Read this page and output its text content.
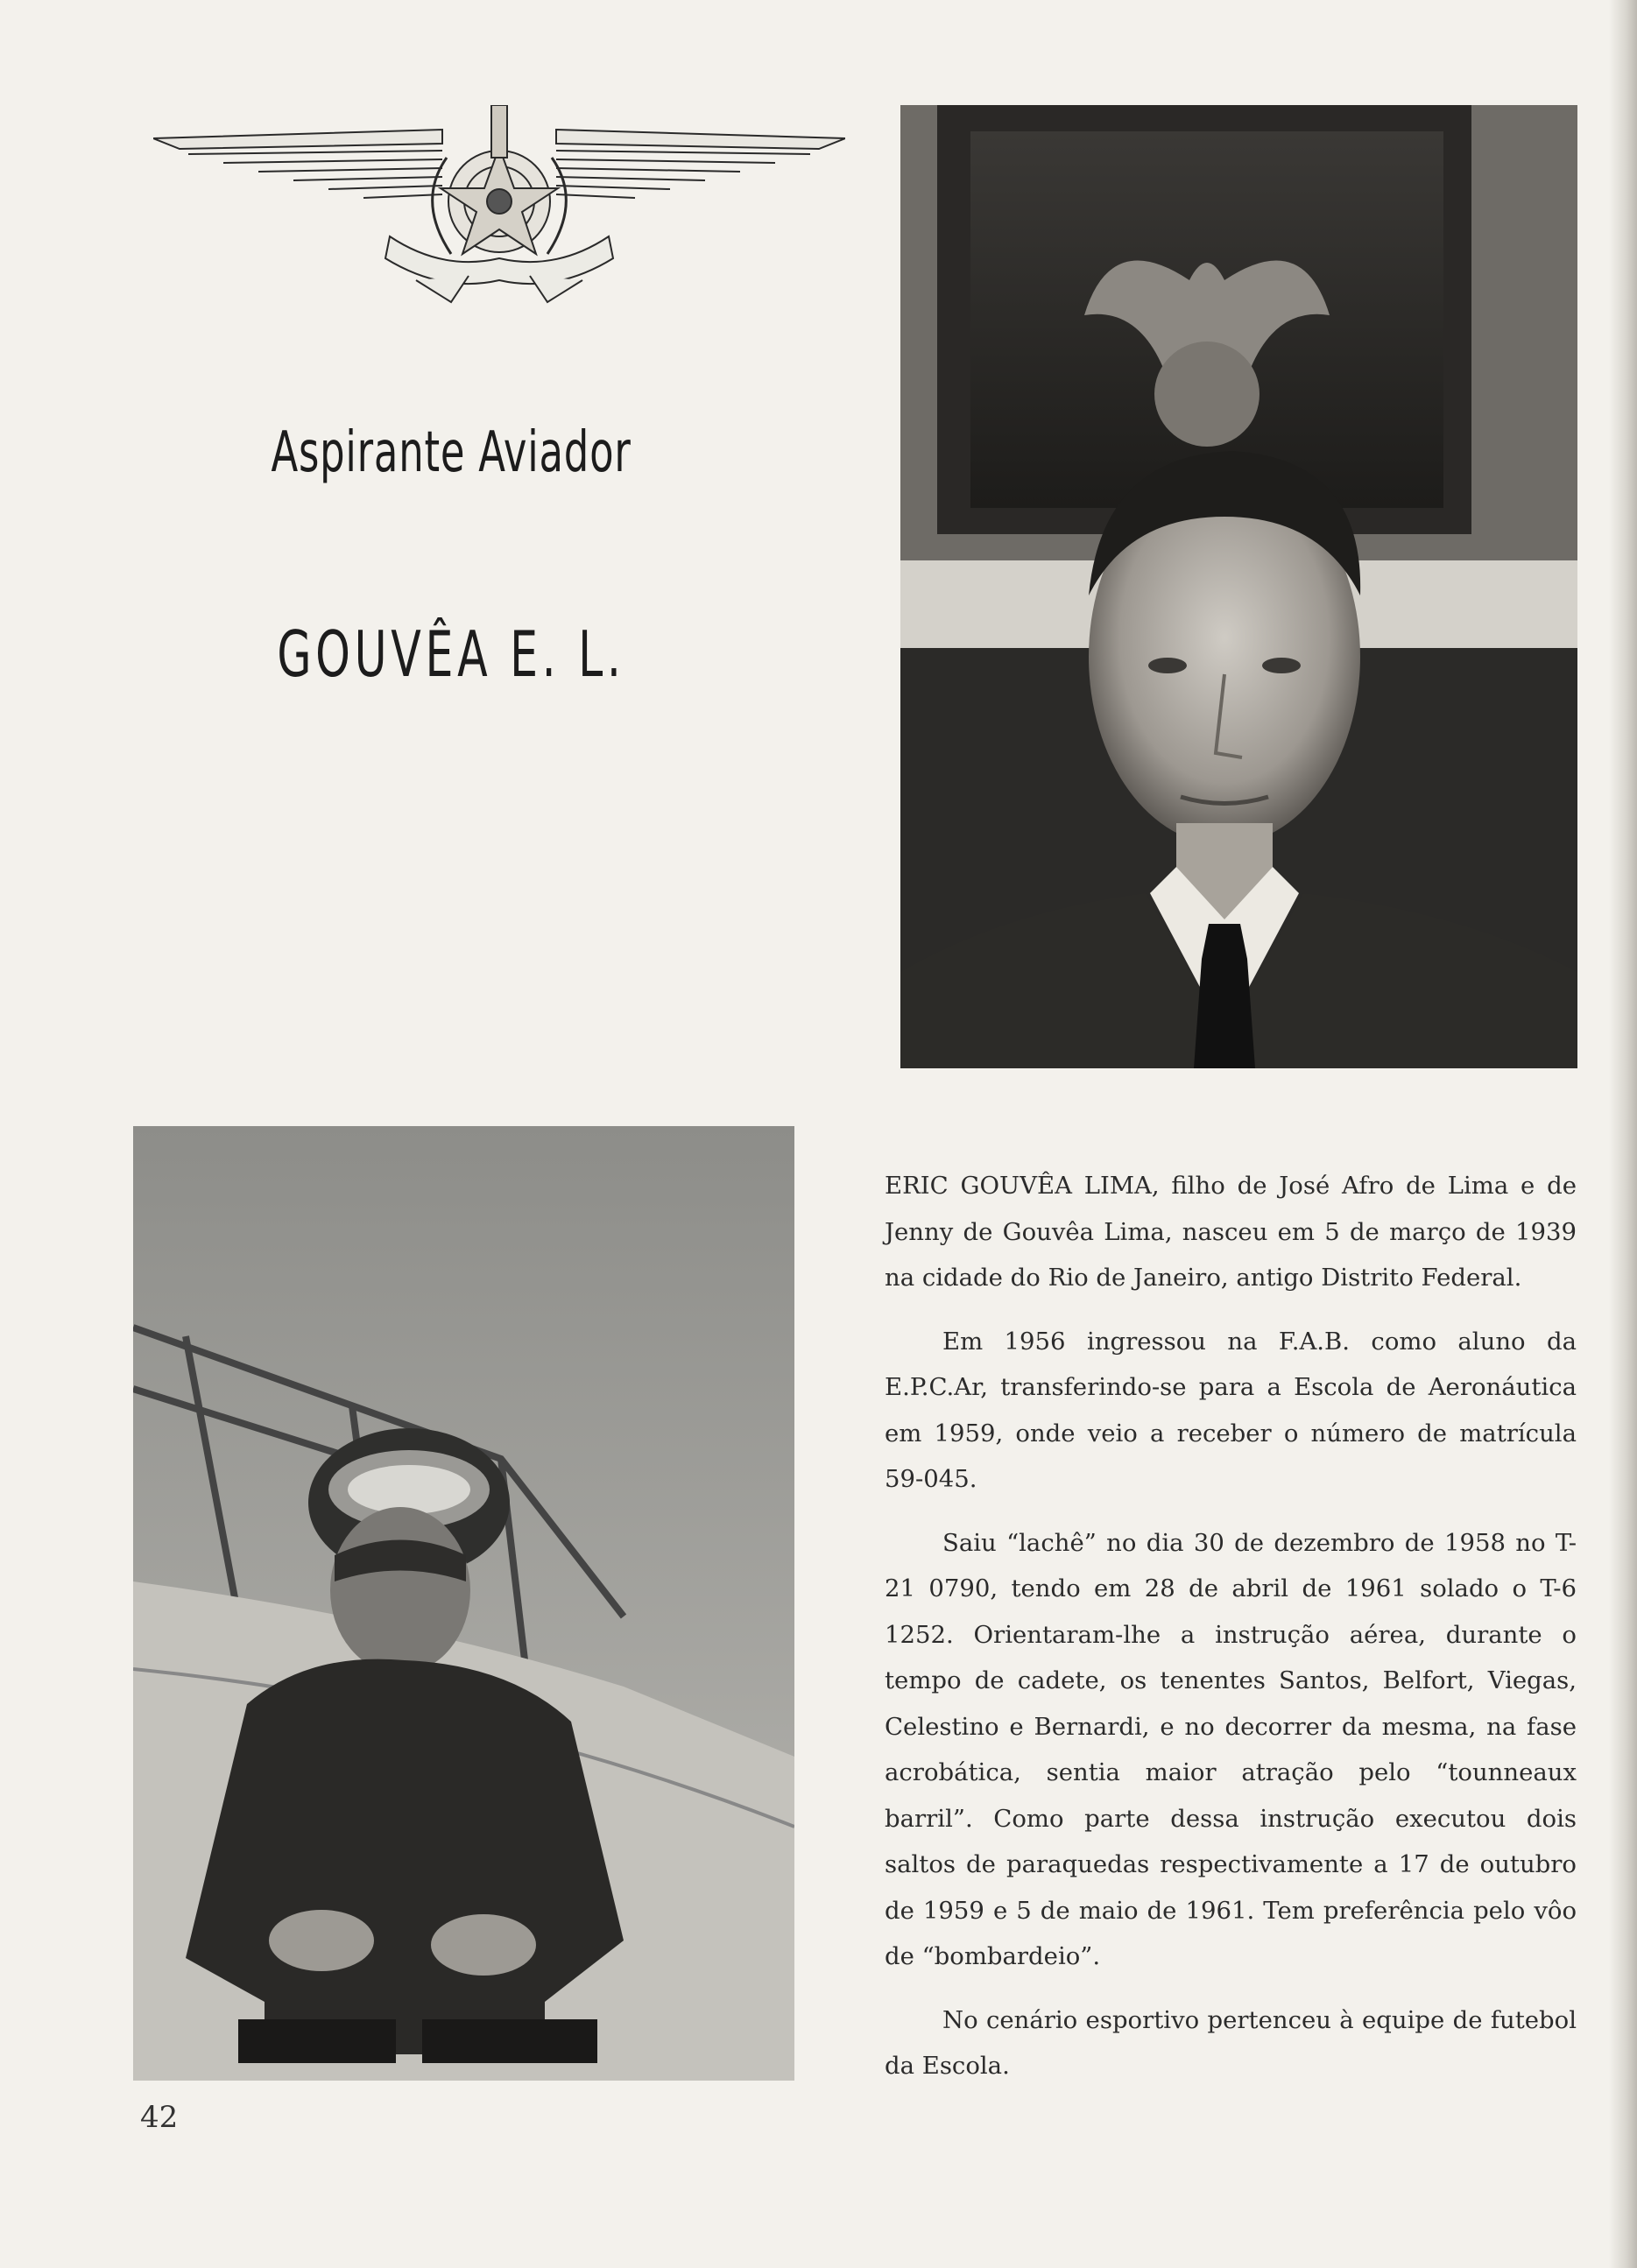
Aspirante Aviador
GOUVÊA E. L.

ERIC GOUVÊA LIMA, filho de José Afro de Lima e de Jenny de Gouvêa Lima, nasceu em 5 de março de 1939 na cidade do Rio de Janeiro, antigo Distrito Federal.

Em 1956 ingressou na F.A.B. como aluno da E.P.C.Ar, transferindo-se para a Escola de Aeronáutica em 1959, onde veio a receber o número de matrícula 59-045.

Saiu “lachê” no dia 30 de dezembro de 1958 no T-21 0790, tendo em 28 de abril de 1961 solado o T-6 1252. Orientaram-lhe a instrução aérea, durante o tempo de cadete, os tenentes Santos, Belfort, Viegas, Celestino e Bernardi, e no decorrer da mesma, na fase acrobática, sentia maior atração pelo “tounneaux barril”. Como parte dessa instrução executou dois saltos de paraquedas respectivamente a 17 de outubro de 1959 e 5 de maio de 1961. Tem preferência pelo vôo de “bombardeio”.

No cenário esportivo pertenceu à equipe de futebol da Escola.

42
